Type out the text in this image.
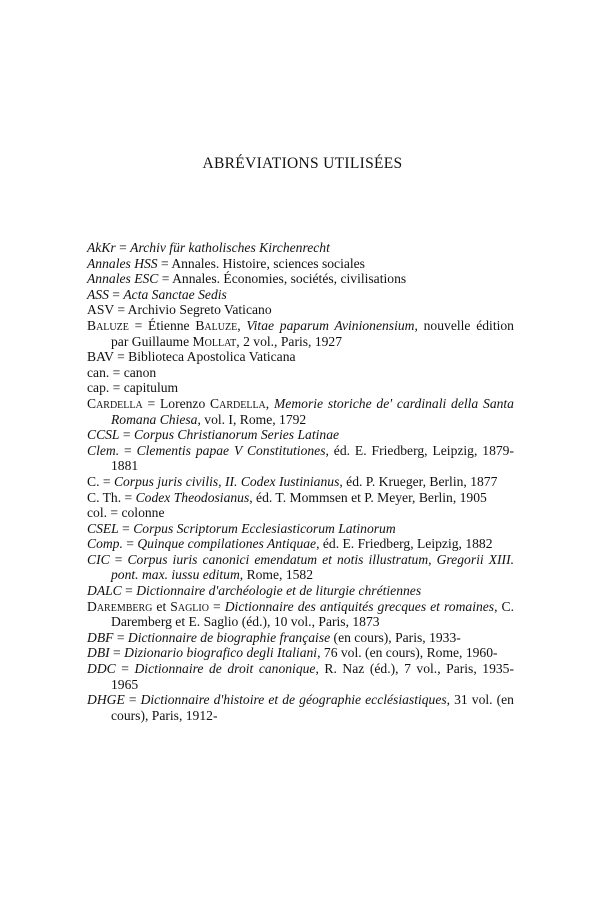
ABRÉVIATIONS UTILISÉES
AkKr = Archiv für katholisches Kirchenrecht
Annales HSS = Annales. Histoire, sciences sociales
Annales ESC = Annales. Économies, sociétés, civilisations
ASS = Acta Sanctae Sedis
ASV = Archivio Segreto Vaticano
Baluze = Étienne Baluze, Vitae paparum Avinionensium, nouvelle édition par Guillaume Mollat, 2 vol., Paris, 1927
BAV = Biblioteca Apostolica Vaticana
can. = canon
cap. = capitulum
Cardella = Lorenzo Cardella, Memorie storiche de' cardinali della Santa Romana Chiesa, vol. I, Rome, 1792
CCSL = Corpus Christianorum Series Latinae
Clem. = Clementis papae V Constitutiones, éd. E. Friedberg, Leipzig, 1879-1881
C. = Corpus juris civilis, II. Codex Iustinianus, éd. P. Krueger, Berlin, 1877
C. Th. = Codex Theodosianus, éd. T. Mommsen et P. Meyer, Berlin, 1905
col. = colonne
CSEL = Corpus Scriptorum Ecclesiasticorum Latinorum
Comp. = Quinque compilationes Antiquae, éd. E. Friedberg, Leipzig, 1882
CIC = Corpus iuris canonici emendatum et notis illustratum, Gregorii XIII. pont. max. iussu editum, Rome, 1582
DALC = Dictionnaire d'archéologie et de liturgie chrétiennes
Daremberg et Saglio = Dictionnaire des antiquités grecques et romaines, C. Daremberg et E. Saglio (éd.), 10 vol., Paris, 1873
DBF = Dictionnaire de biographie française (en cours), Paris, 1933-
DBI = Dizionario biografico degli Italiani, 76 vol. (en cours), Rome, 1960-
DDC = Dictionnaire de droit canonique, R. Naz (éd.), 7 vol., Paris, 1935-1965
DHGE = Dictionnaire d'histoire et de géographie ecclésiastiques, 31 vol. (en cours), Paris, 1912-
